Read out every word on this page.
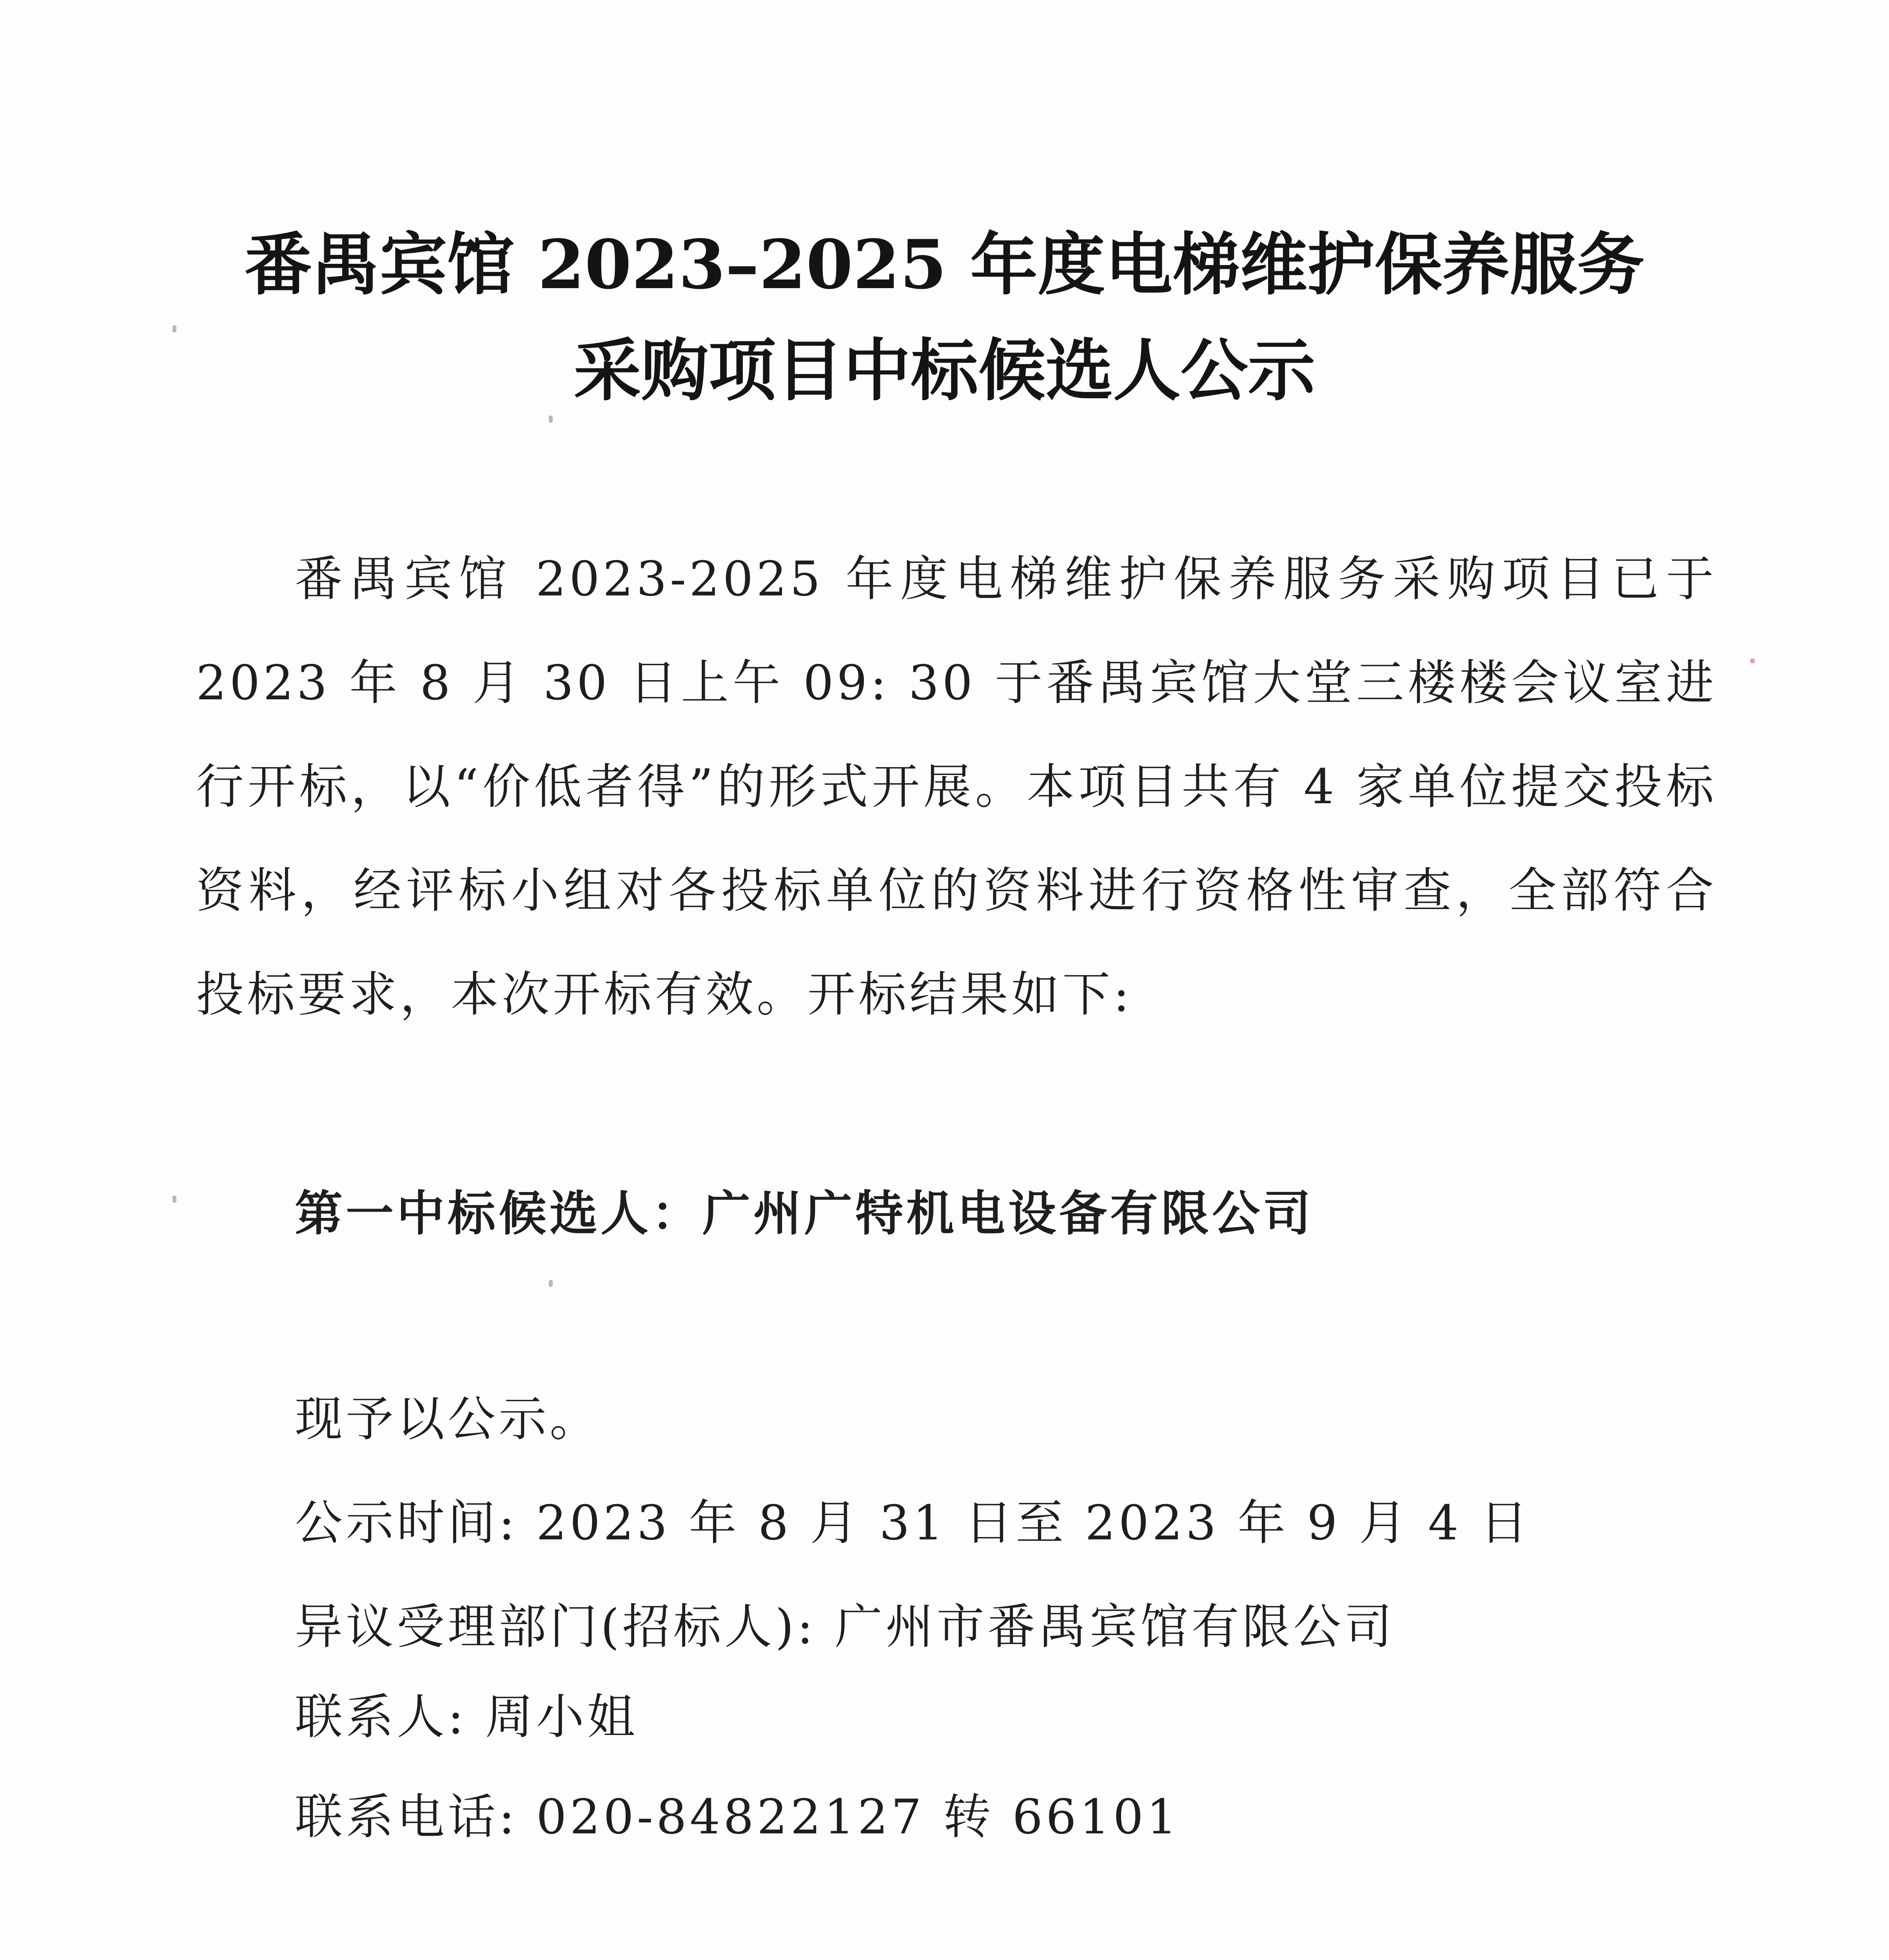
番禺宾馆 2023–2025 年度电梯维护保养服务
采购项目中标候选人公示

番禺宾馆 2023-2025 年度电梯维护保养服务采购项目已于 2023 年 8 月 30 日上午 09: 30 于番禺宾馆大堂三楼楼会议室进行开标，以“价低者得”的形式开展。本项目共有 4 家单位提交投标资料，经评标小组对各投标单位的资料进行资格性审查，全部符合投标要求，本次开标有效。开标结果如下:

第一中标候选人：广州广特机电设备有限公司
现予以公示。
公示时间: 2023 年 8 月 31 日至 2023 年 9 月 4 日
异议受理部门(招标人): 广州市番禺宾馆有限公司
联系人: 周小姐
联系电话: 020-84822127 转 66101
